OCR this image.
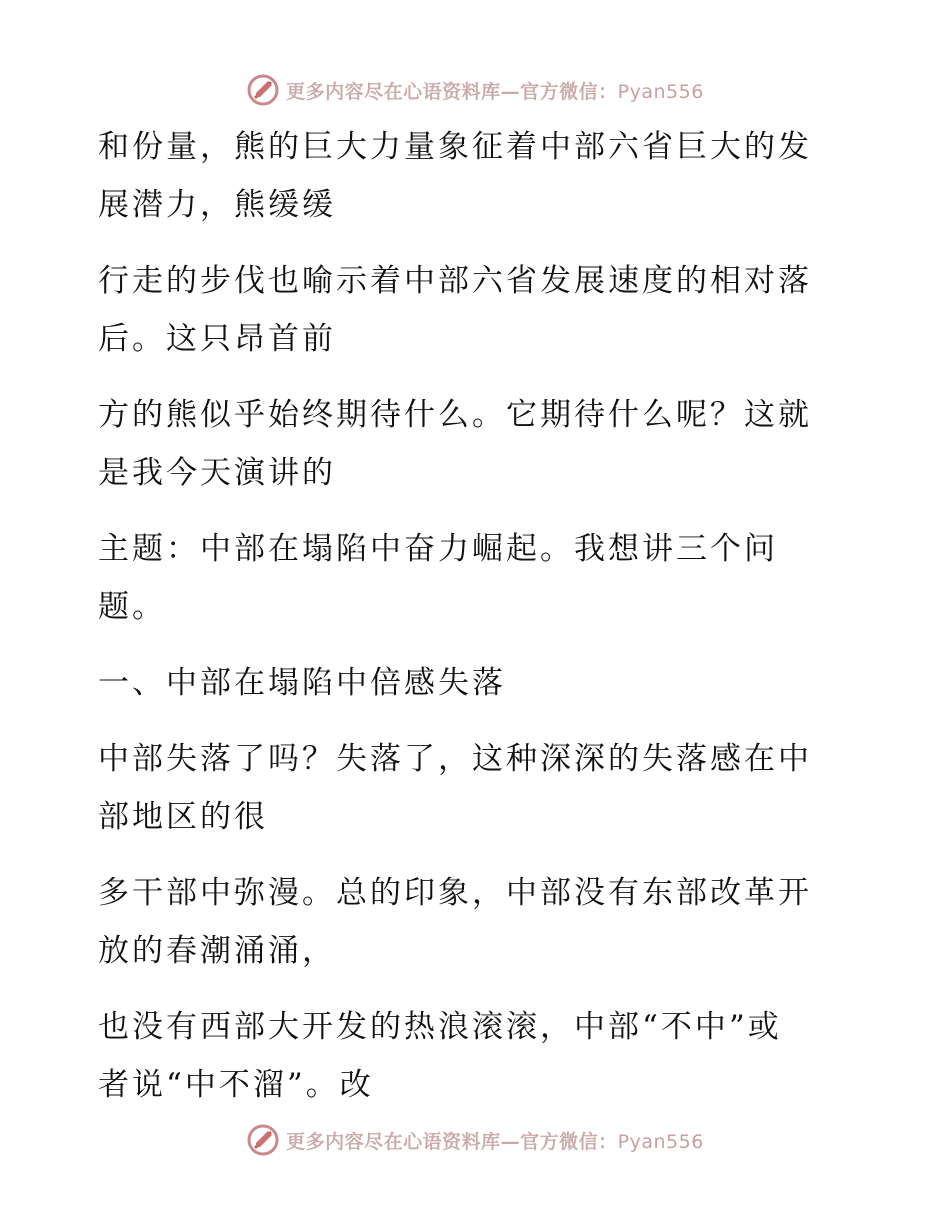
更多内容尽在心语资料库—官方微信：Pyan556

和份量，熊的巨大力量象征着中部六省巨大的发
展潜力，熊缓缓

行走的步伐也喻示着中部六省发展速度的相对落
后。这只昂首前

方的熊似乎始终期待什么。它期待什么呢？这就
是我今天演讲的

主题：中部在塌陷中奋力崛起。我想讲三个问
题。

一、中部在塌陷中倍感失落

中部失落了吗？失落了，这种深深的失落感在中
部地区的很

多干部中弥漫。总的印象，中部没有东部改革开
放的春潮涌涌，

也没有西部大开发的热浪滚滚，中部“不中”或
者说“中不溜”。改

更多内容尽在心语资料库—官方微信：Pyan556
